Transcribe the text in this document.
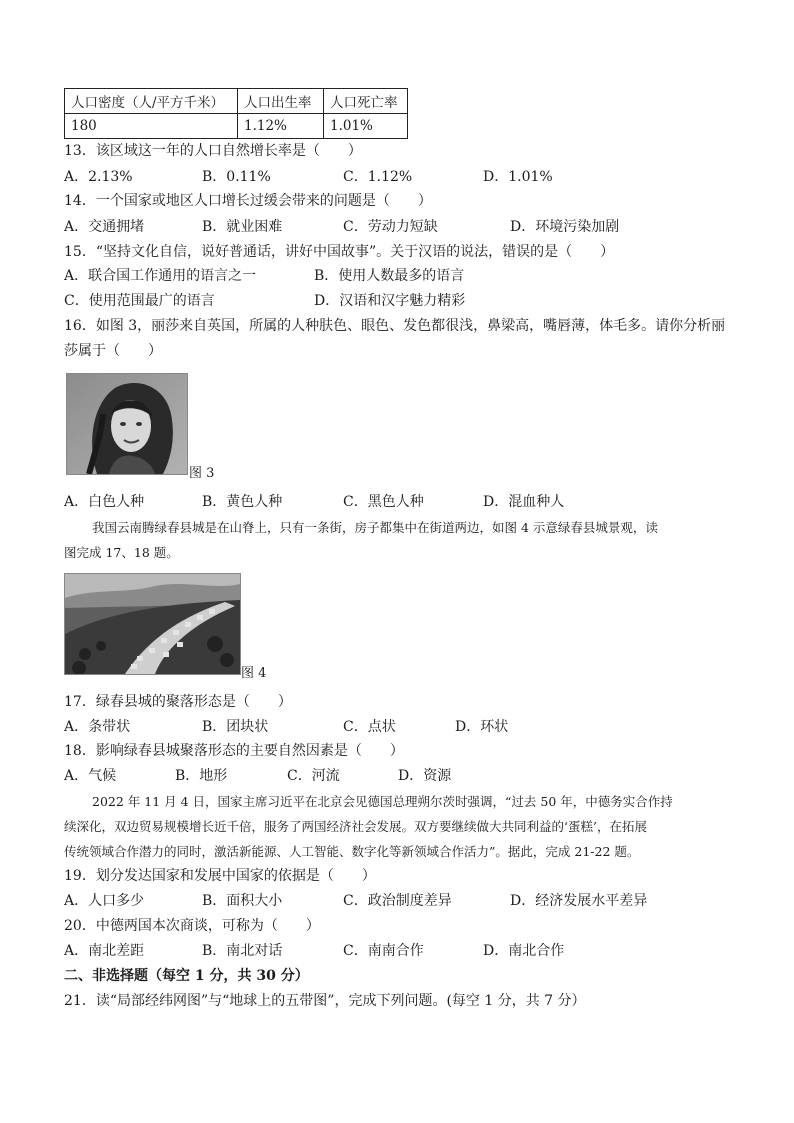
人口密度（人/平方千米）	人口出生率	人口死亡率
180	1.12%	1.01%
13．该区域这一年的人口自然增长率是（　　）
A．2.13%	B．0.11%	C．1.12%	D．1.01%
14．一个国家或地区人口增长过缓会带来的问题是（　　）
A．交通拥堵	B．就业困难	C．劳动力短缺	D．环境污染加剧
15．“坚持文化自信，说好普通话，讲好中国故事”。关于汉语的说法，错误的是（　　）
A．联合国工作通用的语言之一	B．使用人数最多的语言
C．使用范围最广的语言	D．汉语和汉字魅力精彩
16．如图 3，丽莎来自英国，所属的人种肤色、眼色、发色都很浅，鼻梁高，嘴唇薄，体毛多。请你分析丽
莎属于（　　）
图 3
A．白色人种	B．黄色人种	C．黑色人种	D．混血种人
我国云南腾绿春县城是在山脊上，只有一条街，房子都集中在街道两边，如图 4 示意绿春县城景观，读
图完成 17、18 题。
图 4
17．绿春县城的聚落形态是（　　）
A．条带状	B．团块状	C．点状	D．环状
18．影响绿春县城聚落形态的主要自然因素是（　　）
A．气候	B．地形	C．河流	D．资源
2022 年 11 月 4 日，国家主席习近平在北京会见德国总理朔尔茨时强调，“过去 50 年，中德务实合作持
续深化，双边贸易规模增长近千倍，服务了两国经济社会发展。双方要继续做大共同利益的‘蛋糕’，在拓展
传统领域合作潜力的同时，激活新能源、人工智能、数字化等新领域合作活力”。据此，完成 21-22 题。
19．划分发达国家和发展中国家的依据是（　　）
A．人口多少	B．面积大小	C．政治制度差异	D．经济发展水平差异
20．中德两国本次商谈，可称为（　　）
A．南北差距	B．南北对话	C．南南合作	D．南北合作
二、非选择题（每空 1 分，共 30 分）
21．读“局部经纬网图”与“地球上的五带图”，完成下列问题。(每空 1 分，共 7 分）
